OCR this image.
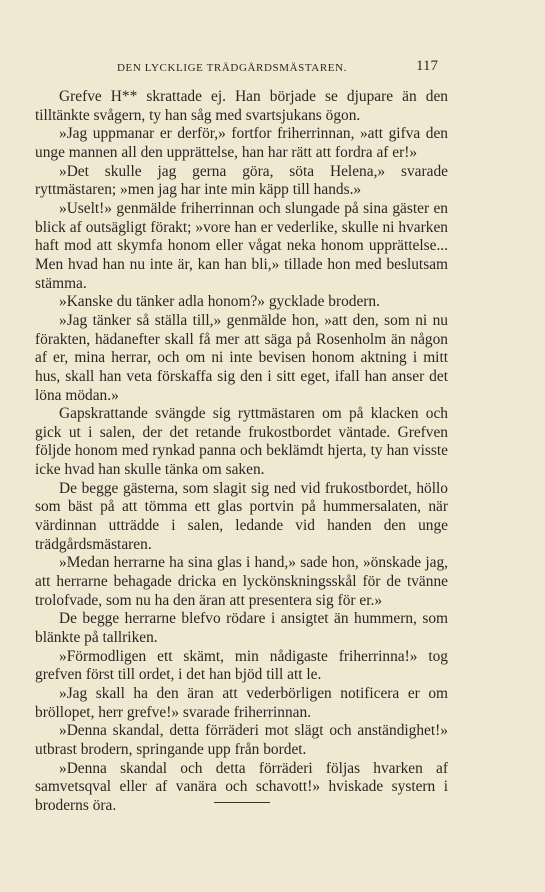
DEN LYCKLIGE TRÄDGÅRDSMÄSTAREN.	117

Grefve H** skrattade ej. Han började se djupare än den tilltänkte svågern, ty han såg med svartsjukans ögon.

»Jag uppmanar er derför,» fortfor friherrinnan, »att gifva den unge mannen all den upprättelse, han har rätt att fordra af er!»

»Det skulle jag gerna göra, söta Helena,» svarade ryttmästaren; »men jag har inte min käpp till hands.»

»Uselt!» genmälde friherrinnan och slungade på sina gäster en blick af outsägligt förakt; »vore han er vederlike, skulle ni hvarken haft mod att skymfa honom eller vågat neka honom upprättelse... Men hvad han nu inte är, kan han bli,» tillade hon med beslutsam stämma.

»Kanske du tänker adla honom?» gycklade brodern.

»Jag tänker så ställa till,» genmälde hon, »att den, som ni nu förakten, hädanefter skall få mer att säga på Rosenholm än någon af er, mina herrar, och om ni inte bevisen honom aktning i mitt hus, skall han veta förskaffa sig den i sitt eget, ifall han anser det löna mödan.»

Gapskrattande svängde sig ryttmästaren om på klacken och gick ut i salen, der det retande frukostbordet väntade. Grefven följde honom med rynkad panna och beklämdt hjerta, ty han visste icke hvad han skulle tänka om saken.

De begge gästerna, som slagit sig ned vid frukostbordet, höllo som bäst på att tömma ett glas portvin på hummersalaten, när värdinnan utträdde i salen, ledande vid handen den unge trädgårdsmästaren.

»Medan herrarne ha sina glas i hand,» sade hon, »önskade jag, att herrarne behagade dricka en lyckönskningsskål för de tvänne trolofvade, som nu ha den äran att presentera sig för er.»

De begge herrarne blefvo rödare i ansigtet än hummern, som blänkte på tallriken.

»Förmodligen ett skämt, min nådigaste friherrinna!» tog grefven först till ordet, i det han bjöd till att le.

»Jag skall ha den äran att vederbörligen notificera er om bröllopet, herr grefve!» svarade friherrinnan.

»Denna skandal, detta förräderi mot slägt och anständighet!» utbrast brodern, springande upp från bordet.

»Denna skandal och detta förräderi följas hvarken af samvetsqval eller af vanära och schavott!» hviskade systern i broderns öra.
